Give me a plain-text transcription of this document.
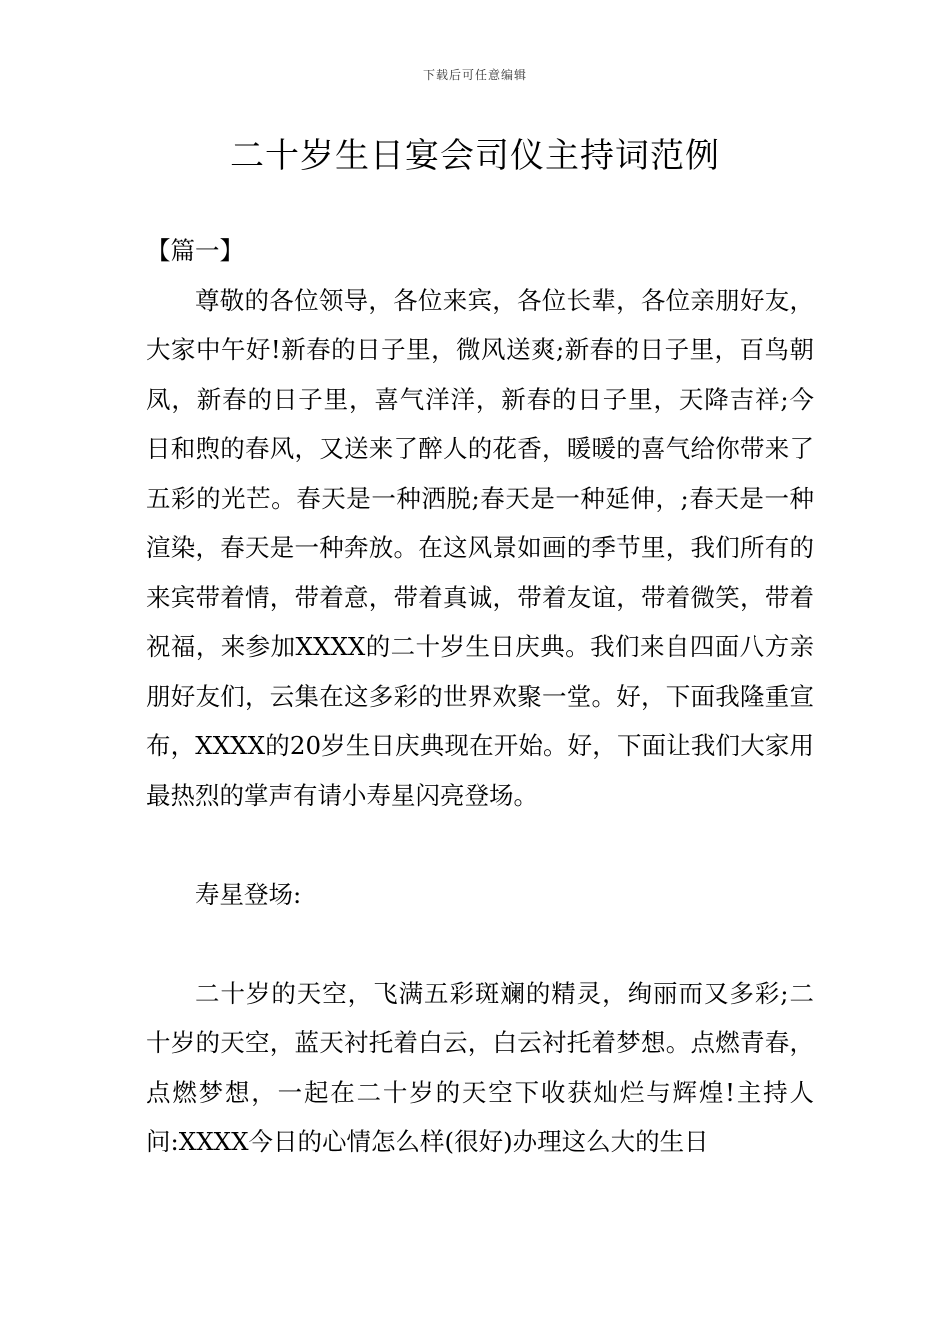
下载后可任意编辑
二十岁生日宴会司仪主持词范例

【篇一】

尊敬的各位领导，各位来宾，各位长辈，各位亲朋好友，大家中午好!新春的日子里，微风送爽;新春的日子里，百鸟朝凤，新春的日子里，喜气洋洋，新春的日子里，天降吉祥;今日和煦的春风，又送来了醉人的花香，暖暖的喜气给你带来了五彩的光芒。春天是一种洒脱;春天是一种延伸，;春天是一种渲染，春天是一种奔放。在这风景如画的季节里，我们所有的来宾带着情，带着意，带着真诚，带着友谊，带着微笑，带着祝福，来参加XXXX的二十岁生日庆典。我们来自四面八方亲朋好友们，云集在这多彩的世界欢聚一堂。好，下面我隆重宣布，XXXX的20岁生日庆典现在开始。好，下面让我们大家用最热烈的掌声有请小寿星闪亮登场。

寿星登场:

二十岁的天空，飞满五彩斑斓的精灵，绚丽而又多彩;二十岁的天空，蓝天衬托着白云，白云衬托着梦想。点燃青春，点燃梦想，一起在二十岁的天空下收获灿烂与辉煌!主持人问:XXXX今日的心情怎么样(很好)办理这么大的生日
